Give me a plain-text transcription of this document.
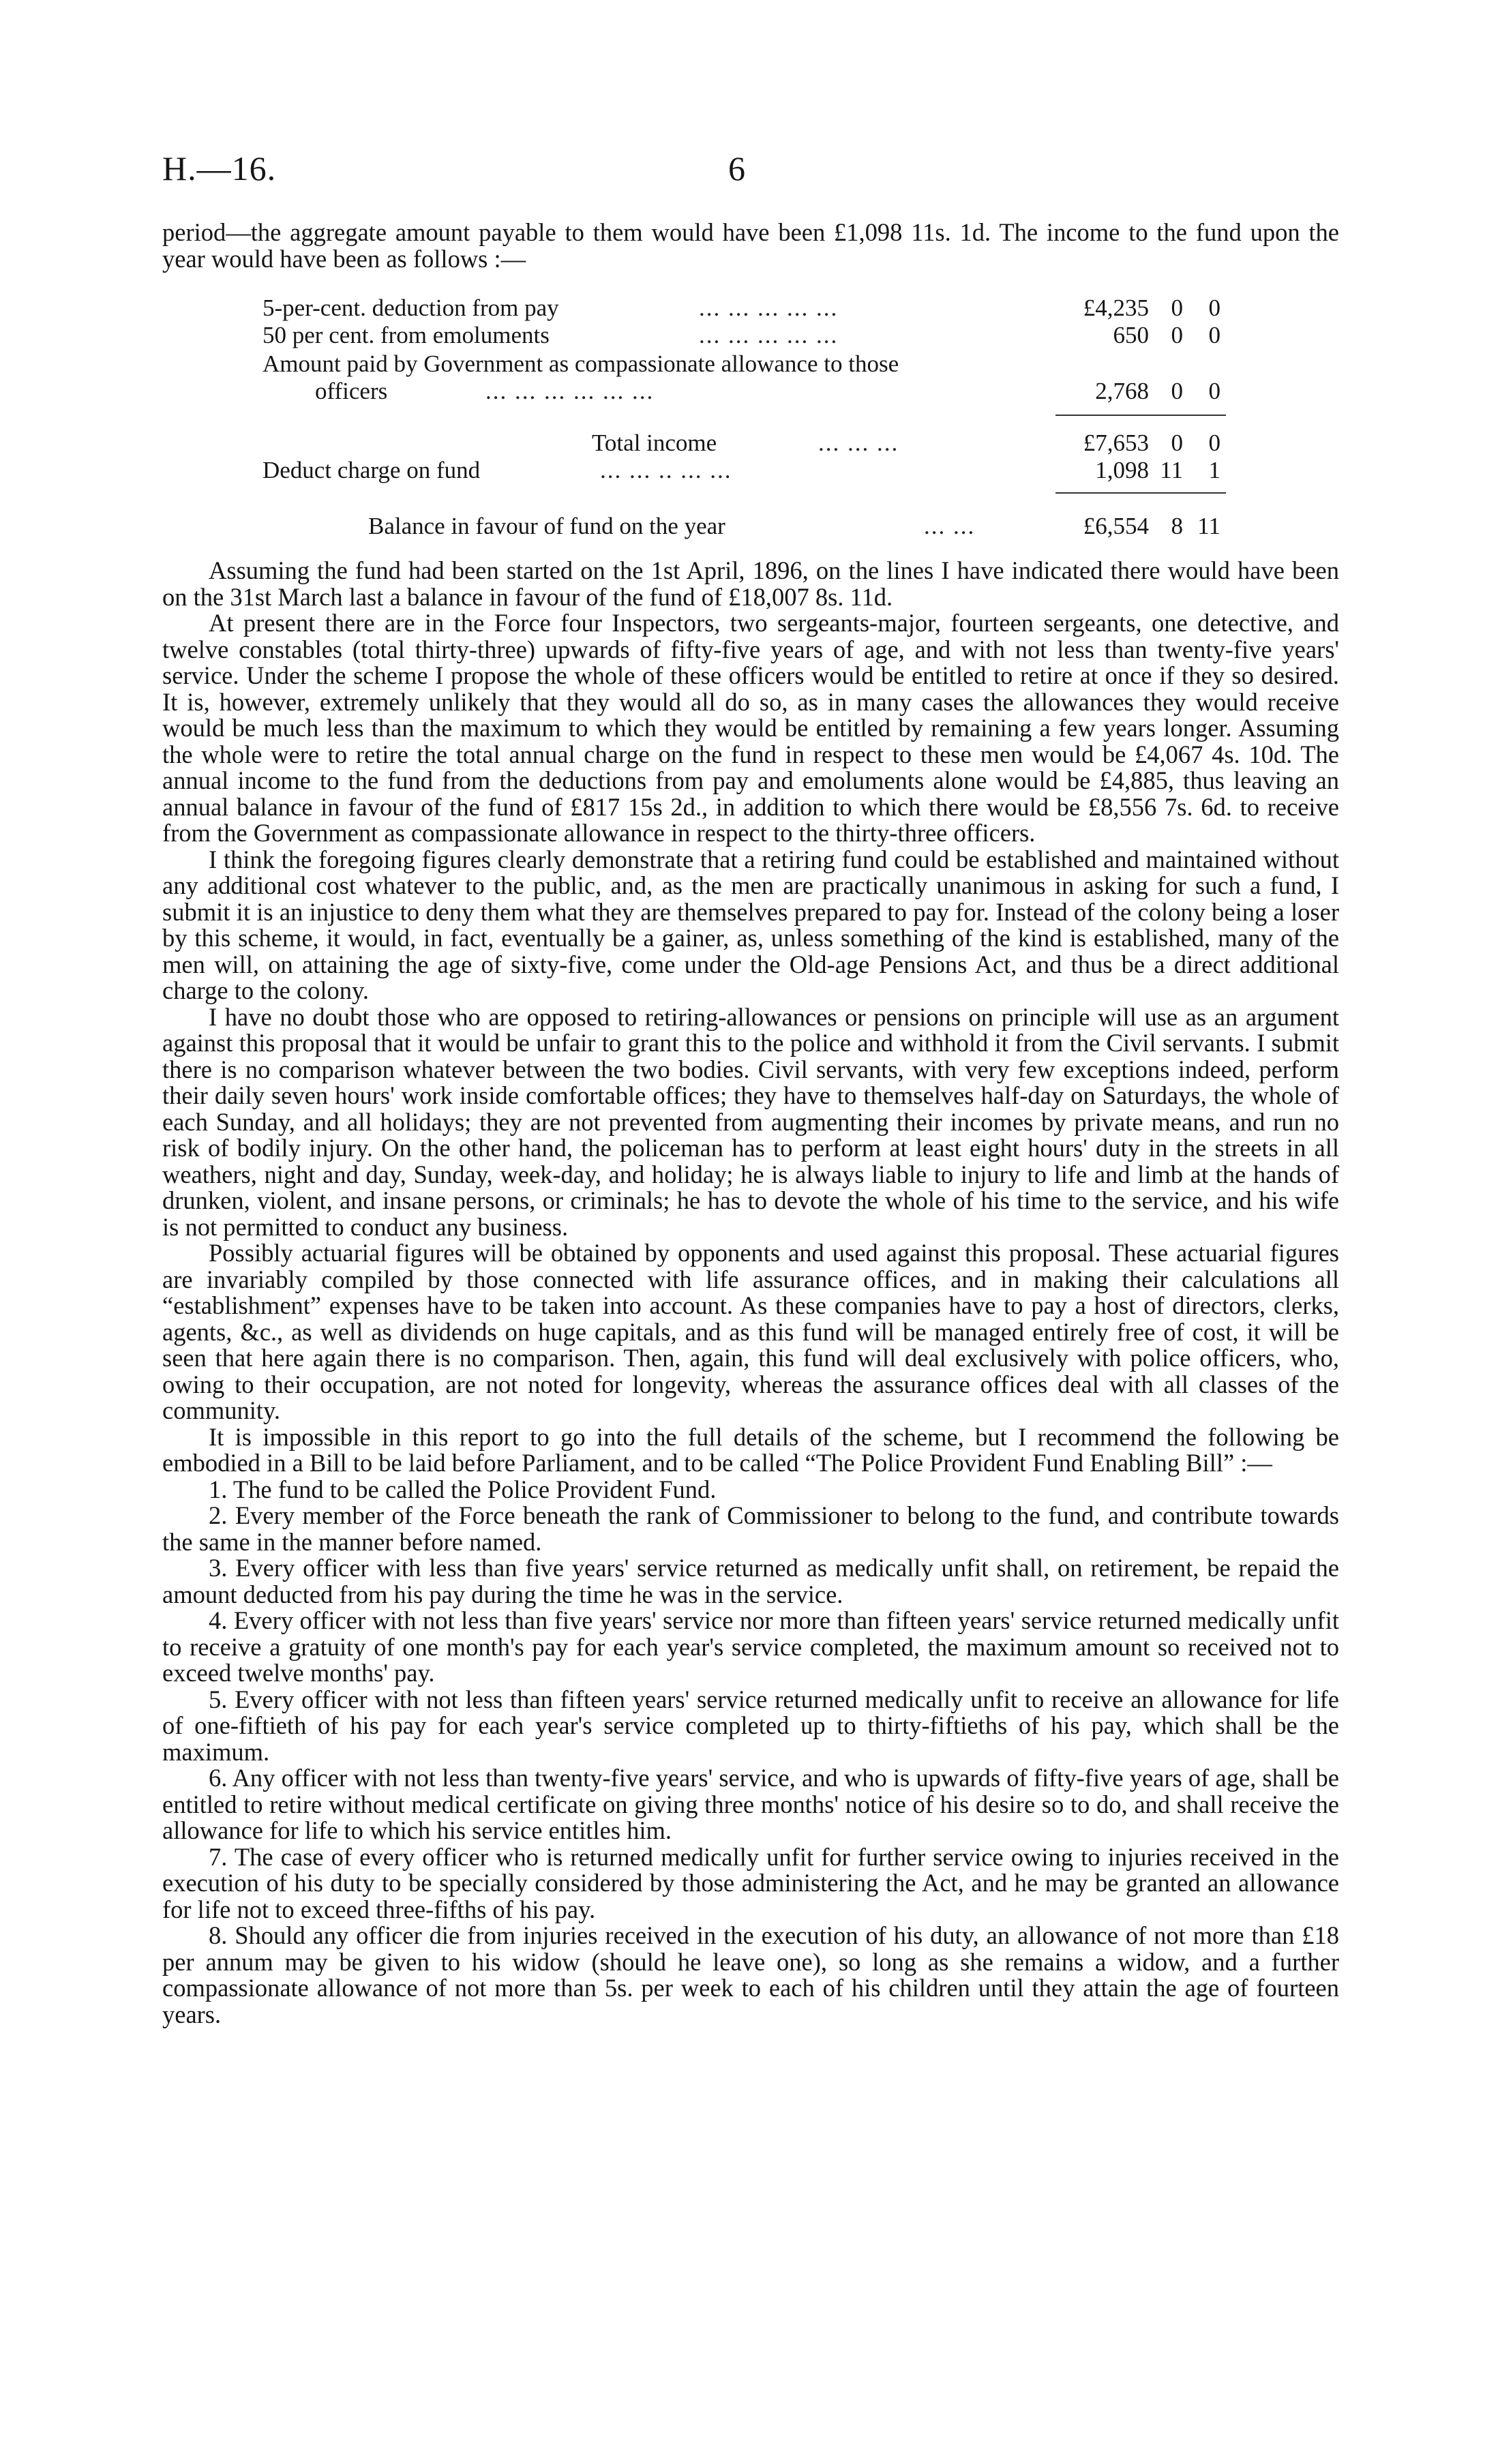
H.—16.	6

period—the aggregate amount payable to them would have been £1,098 11s. 1d. The income to the fund upon the year would have been as follows :—

5-per-cent. deduction from pay	... ... ... ... ...	£4,235 0	0
50 per cent. from emoluments	... ... ... ... ...	650 0	0
Amount paid by Government as compassionate allowance to those
officers	... ... ... ... ... ...	2,768 0	0
Total income	... ... ...	£7,653 0	0
Deduct charge on fund	... ... .. ... ...	1,098 11	1
Balance in favour of fund on the year	... ...	£6,554 8 11

Assuming the fund had been started on the 1st April, 1896, on the lines I have indicated there would have been on the 31st March last a balance in favour of the fund of £18,007 8s. 11d.

At present there are in the Force four Inspectors, two sergeants-major, fourteen sergeants, one detective, and twelve constables (total thirty-three) upwards of fifty-five years of age, and with not less than twenty-five years' service. Under the scheme I propose the whole of these officers would be entitled to retire at once if they so desired. It is, however, extremely unlikely that they would all do so, as in many cases the allowances they would receive would be much less than the maximum to which they would be entitled by remaining a few years longer. Assuming the whole were to retire the total annual charge on the fund in respect to these men would be £4,067 4s. 10d. The annual income to the fund from the deductions from pay and emoluments alone would be £4,885, thus leaving an annual balance in favour of the fund of £817 15s 2d., in addition to which there would be £8,556 7s. 6d. to receive from the Government as compassionate allowance in respect to the thirty-three officers.

I think the foregoing figures clearly demonstrate that a retiring fund could be established and maintained without any additional cost whatever to the public, and, as the men are practically unanimous in asking for such a fund, I submit it is an injustice to deny them what they are themselves prepared to pay for. Instead of the colony being a loser by this scheme, it would, in fact, eventually be a gainer, as, unless something of the kind is established, many of the men will, on attaining the age of sixty-five, come under the Old-age Pensions Act, and thus be a direct additional charge to the colony.

I have no doubt those who are opposed to retiring-allowances or pensions on principle will use as an argument against this proposal that it would be unfair to grant this to the police and withhold it from the Civil servants. I submit there is no comparison whatever between the two bodies. Civil servants, with very few exceptions indeed, perform their daily seven hours' work inside comfortable offices; they have to themselves half-day on Saturdays, the whole of each Sunday, and all holidays; they are not prevented from augmenting their incomes by private means, and run no risk of bodily injury. On the other hand, the policeman has to perform at least eight hours' duty in the streets in all weathers, night and day, Sunday, week-day, and holiday; he is always liable to injury to life and limb at the hands of drunken, violent, and insane persons, or criminals; he has to devote the whole of his time to the service, and his wife is not permitted to conduct any business.

Possibly actuarial figures will be obtained by opponents and used against this proposal. These actuarial figures are invariably compiled by those connected with life assurance offices, and in making their calculations all “establishment” expenses have to be taken into account. As these companies have to pay a host of directors, clerks, agents, &c., as well as dividends on huge capitals, and as this fund will be managed entirely free of cost, it will be seen that here again there is no comparison. Then, again, this fund will deal exclusively with police officers, who, owing to their occupation, are not noted for longevity, whereas the assurance offices deal with all classes of the community.

It is impossible in this report to go into the full details of the scheme, but I recommend the following be embodied in a Bill to be laid before Parliament, and to be called “The Police Provident Fund Enabling Bill” :—

1. The fund to be called the Police Provident Fund.

2. Every member of the Force beneath the rank of Commissioner to belong to the fund, and contribute towards the same in the manner before named.

3. Every officer with less than five years' service returned as medically unfit shall, on retirement, be repaid the amount deducted from his pay during the time he was in the service.

4. Every officer with not less than five years' service nor more than fifteen years' service returned medically unfit to receive a gratuity of one month's pay for each year's service completed, the maximum amount so received not to exceed twelve months' pay.

5. Every officer with not less than fifteen years' service returned medically unfit to receive an allowance for life of one-fiftieth of his pay for each year's service completed up to thirty-fiftieths of his pay, which shall be the maximum.

6. Any officer with not less than twenty-five years' service, and who is upwards of fifty-five years of age, shall be entitled to retire without medical certificate on giving three months' notice of his desire so to do, and shall receive the allowance for life to which his service entitles him.

7. The case of every officer who is returned medically unfit for further service owing to injuries received in the execution of his duty to be specially considered by those administering the Act, and he may be granted an allowance for life not to exceed three-fifths of his pay.

8. Should any officer die from injuries received in the execution of his duty, an allowance of not more than £18 per annum may be given to his widow (should he leave one), so long as she remains a widow, and a further compassionate allowance of not more than 5s. per week to each of his children until they attain the age of fourteen years.
